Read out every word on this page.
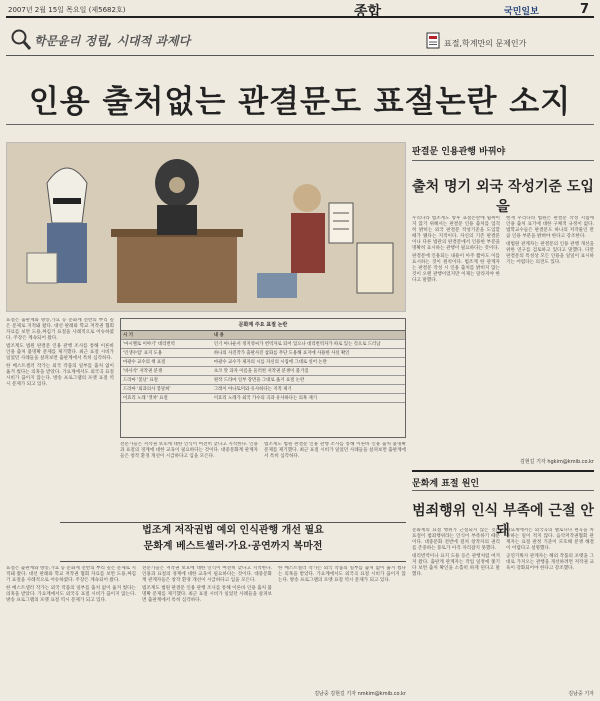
2007년 2월 15일 목요일 (제5682호)	종합	국민일보	7
학문윤리 정립, 시대적 과제다	표절,학계만의 문제인가
인용 출처없는 관결문도 표절논란 소지
판결문 인용관행 바꿔야
출처 명기 외국 작성기준 도입을

우리나라 법조계도 향후 표절논란에 휩싸이지 않기 위해서는 판결문 인용 출처를 엄격히 밝히는 외국 판결문 작성기준을 도입할 때가 됐다는 지적이다. 자신의 기존 판결문이나 다른 법관의 판결문에서 인용한 부분을 명확히 표시하는 관행이 필요하다는 것이다.

판결문에 인용되는 내용이 아주 짧아도 이를 표시하는 것이 원칙이다. 법조계 한 관계자는 판결문 작성 시 인용 출처를 밝히지 않는 것이 오랜 관행이었지만 이제는 달라져야 한다고 말했다.

현재 우리나라 법원은 판결문 작성 지침에 인용 출처 표기에 대한 구체적 규정이 없다. 법학교수들은 판결문도 하나의 저작물인 만큼 인용 부분을 밝혀야 한다고 강조한다.

대법원 관계자는 판결문의 인용 관행 개선을 위한 연구를 검토하고 있다고 말했다. 다만 판결문의 특성상 모든 인용을 일일이 표시하기는 어렵다는 의견도 있다.

김현길 기자 hgkim@kmib.co.kr

표절은 출판계와 방송,가요 등 문화계 전반의 뿌리 깊은 문제로 지적돼 왔다. 대선 판례와 학교 저작권 협회 자료를 보면 도용,짜깁기 표절을 사례적으로 어슈하였다. 주장은 계속되어 왔다.

법조계도 법원 판결문 인용 관행 조사를 통해 이른바 인용 출처 불명확 문제를 제기했다. 최근 표절 시비가 일었던 사례들을 살펴보면 출판계에서 특히 심각하다.

한 베스트셀러 작가는 외국 작품의 일부를 출처 없이 옮겨 썼다는 의혹을 받았다. 가요계에서도 외국곡 표절 시비가 끊이지 않는다. 방송 프로그램의 포맷 표절 역시 문제가 되고 있다.

문화계 주요 표절 논란
시 기	내 용
'마시멜로 이야기' 대리번역	인기 아나운서 정지영씨가 번역자로 되어 있으나 대리번역자가 따로 있는 것으로 드러남
'인생수업' 표지 도용	하나의 사진작가 출판사진 삽화를 무단 도용해 표지에 사용한 사실 확인
마광수 교수의 책 표절	마광수 교수가 제자의 시를 자신의 시집에 그대로 실어 논란
'바사삭' 저작권 분쟁	초코 맛 과자 이름을 둘러싼 저작권 분쟁이 불거짐
드라마 '봄날' 표절	원작 드라마 일부 장면을 그대로 옮겨 표절 논란
드라마 '외과의사 봉달희'	그레이 아나토미와 유사하다는 지적 제기
이효리 노래 '겟챠' 표절	이효리 노래가 외국 가수의 곡과 유사하다는 의혹 제기

전문가들은 저작권 보호에 대한 인식이 여전히 낮다고 지적한다. 인용과 표절의 경계에 대한 교육이 필요하다는 것이다. 대중문화계 관계자들은 창작 환경 개선이 시급하다고 입을 모은다.

법조계도 법원 판결문 인용 관행 조사를 통해 이른바 인용 출처 불명확 문제를 제기했다. 최근 표절 시비가 일었던 사례들을 살펴보면 출판계에서 특히 심각하다.

법조계 저작권법 예외 인식관행 개선 필요
문화계 베스트셀러·가요·공연까지 복마전

표절은 출판계와 방송,가요 등 문화계 전반의 뿌리 깊은 문제로 지적돼 왔다. 대선 판례와 학교 저작권 협회 자료를 보면 도용,짜깁기 표절을 사례적으로 어슈하였다. 주장은 계속되어 왔다.

한 베스트셀러 작가는 외국 작품의 일부를 출처 없이 옮겨 썼다는 의혹을 받았다. 가요계에서도 외국곡 표절 시비가 끊이지 않는다. 방송 프로그램의 포맷 표절 역시 문제가 되고 있다.

전문가들은 저작권 보호에 대한 인식이 여전히 낮다고 지적한다. 인용과 표절의 경계에 대한 교육이 필요하다는 것이다. 대중문화계 관계자들은 창작 환경 개선이 시급하다고 입을 모은다.

법조계도 법원 판결문 인용 관행 조사를 통해 이른바 인용 출처 불명확 문제를 제기했다. 최근 표절 시비가 일었던 사례들을 살펴보면 출판계에서 특히 심각하다.

한 베스트셀러 작가는 외국 작품의 일부를 출처 없이 옮겨 썼다는 의혹을 받았다. 가요계에서도 외국곡 표절 시비가 끊이지 않는다. 방송 프로그램의 포맷 표절 역시 문제가 되고 있다.

김남중 김현길 기자 nmkim@kmib.co.kr
문화계 표절 원인
범죄행위 인식 부족에 근절 안돼

문화계의 표절 행위가 근절되지 않는 것은 표절이 범죄행위라는 인식이 부족하기 때문이다. 대중문화 전반에 걸쳐 창작자의 권리를 존중하는 풍토가 아직 자리잡지 못했다.

대리번역이나 표지 도용 등은 관행처럼 여겨져 왔다. 출판계 관계자는 작업 일정에 쫓기다 보면 출처 확인을 소홀히 하게 된다고 말했다.

가요계에서는 외국곡의 멜로디나 편곡을 차용하는 일이 적지 않다. 음악저작권협회 관계자는 표절 판정 기준이 모호해 분쟁 해결이 어렵다고 설명했다.

공연기획사 관계자는 해외 작품의 포맷을 그대로 가져오는 관행을 개선하려면 저작권 교육이 강화되어야 한다고 강조했다.

김남중 기자
